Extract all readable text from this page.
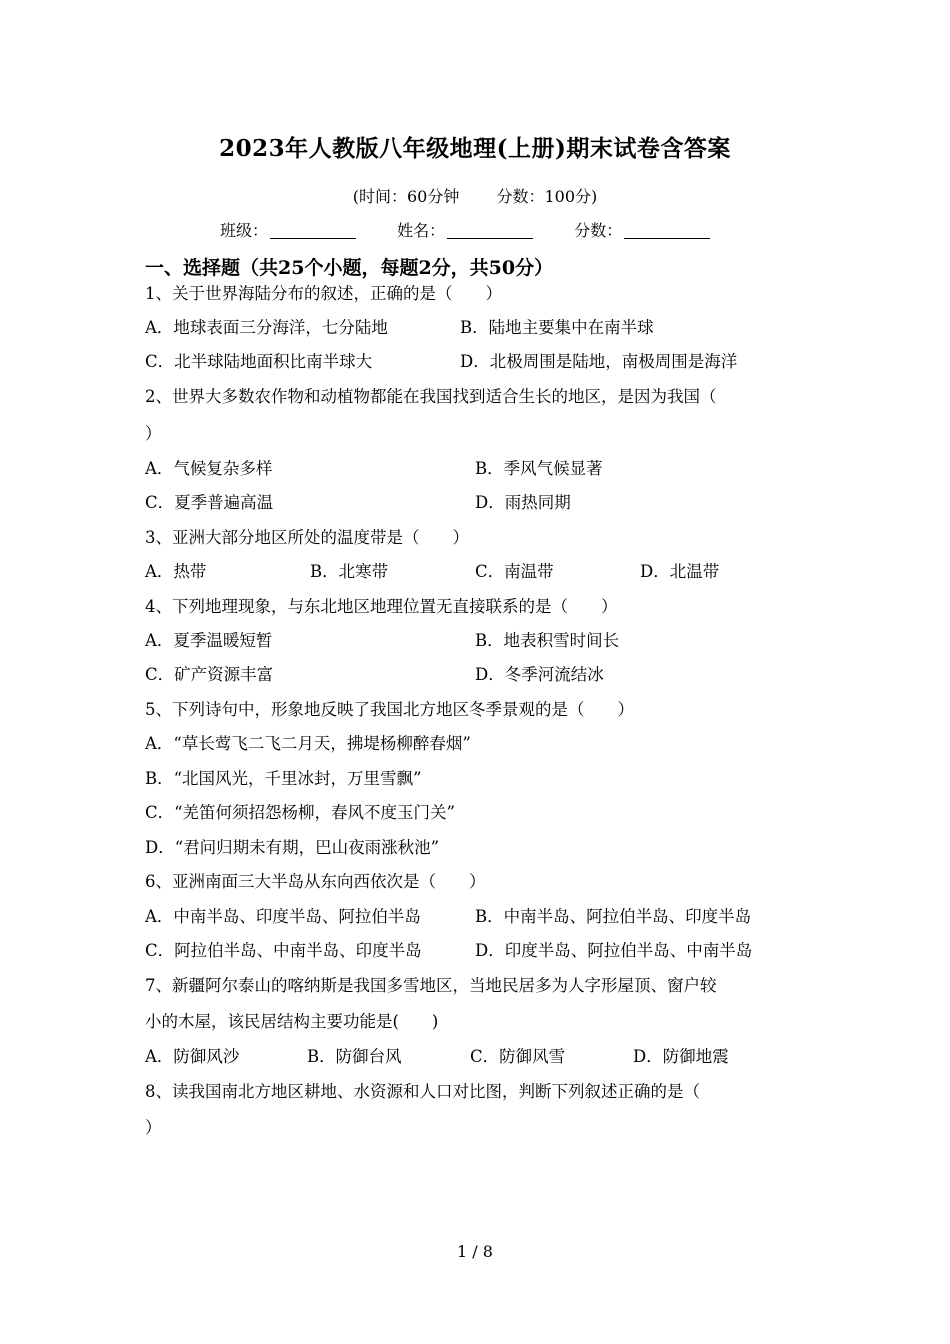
2023年人教版八年级地理(上册)期末试卷含答案
(时间：60分钟 分数：100分)
班级：	姓名：	分数：
一、选择题（共25个小题，每题2分，共50分）
1、关于世界海陆分布的叙述，正确的是（　　）
A．地球表面三分海洋，七分陆地	B．陆地主要集中在南半球
C．北半球陆地面积比南半球大	D．北极周围是陆地，南极周围是海洋
2、世界大多数农作物和动植物都能在我国找到适合生长的地区，是因为我国（
）
A．气候复杂多样	B．季风气候显著
C．夏季普遍高温	D．雨热同期
3、亚洲大部分地区所处的温度带是（　　）
A．热带	B．北寒带	C．南温带	D．北温带
4、下列地理现象，与东北地区地理位置无直接联系的是（　　）
A．夏季温暖短暂	B．地表积雪时间长
C．矿产资源丰富	D．冬季河流结冰
5、下列诗句中，形象地反映了我国北方地区冬季景观的是（　　）
A．“草长莺飞二飞二月天，拂堤杨柳醉春烟”
B．“北国风光，千里冰封，万里雪飘”
C．“羌笛何须招怨杨柳，春风不度玉门关”
D．“君问归期未有期，巴山夜雨涨秋池”
6、亚洲南面三大半岛从东向西依次是（　　）
A．中南半岛、印度半岛、阿拉伯半岛	B．中南半岛、阿拉伯半岛、印度半岛
C．阿拉伯半岛、中南半岛、印度半岛	D．印度半岛、阿拉伯半岛、中南半岛
7、新疆阿尔泰山的喀纳斯是我国多雪地区，当地民居多为人字形屋顶、窗户较
小的木屋，该民居结构主要功能是(　　)
A．防御风沙	B．防御台风	C．防御风雪	D．防御地震
8、读我国南北方地区耕地、水资源和人口对比图，判断下列叙述正确的是（
）
1 / 8
